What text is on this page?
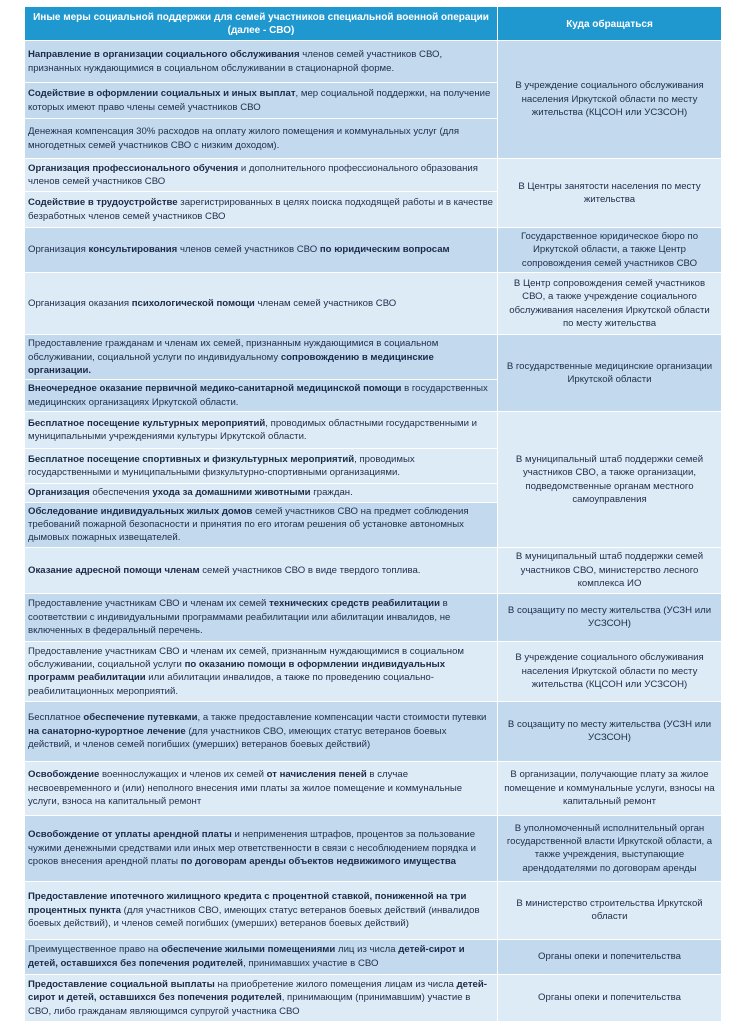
Иные меры социальной поддержки для семей участников специальной военной операции (далее - СВО)	Куда обращаться
Направление в организации социального обслуживания членов семей участников СВО, признанных нуждающимися в социальном обслуживании в стационарной форме.	В учреждение социального обслуживания населения Иркутской области по месту жительства (КЦСОН или УСЗСОН)
Содействие в оформлении социальных и иных выплат, мер социальной поддержки, на получение которых имеют право члены семей участников СВО	
Денежная компенсация 30% расходов на оплату жилого помещения и коммунальных услуг (для многодетных семей участников СВО с низким доходом).	
Организация профессионального обучения и дополнительного профессионального образования членов семей участников СВО	В Центры занятости населения по месту жительства
Содействие в трудоустройстве зарегистрированных в целях поиска подходящей работы и в качестве безработных членов семей участников СВО	
Организация консультирования членов семей участников СВО по юридическим вопросам	Государственное юридическое бюро по Иркутской области, а также Центр сопровождения семей участников СВО
Организация оказания психологической помощи членам семей участников СВО	В Центр сопровождения семей участников СВО, а также учреждение социального обслуживания населения Иркутской области по месту жительства
Предоставление гражданам и членам их семей, признанным нуждающимися в социальном обслуживании, социальной услуги по индивидуальному сопровождению в медицинские организации.	В государственные медицинские организации Иркутской области
Внеочередное оказание первичной медико-санитарной медицинской помощи в государственных медицинских организациях Иркутской области.	
Бесплатное посещение культурных мероприятий, проводимых областными государственными и муниципальными учреждениями культуры Иркутской области.	В муниципальный штаб поддержки семей участников СВО, а также организации, подведомственные органам местного самоуправления
Бесплатное посещение спортивных и физкультурных мероприятий, проводимых государственными и муниципальными физкультурно-спортивными организациями.	
Организация обеспечения ухода за домашними животными граждан.	
Обследование индивидуальных жилых домов семей участников СВО на предмет соблюдения требований пожарной безопасности и принятия по его итогам решения об установке автономных дымовых пожарных извещателей.	
Оказание адресной помощи членам семей участников СВО в виде твердого топлива.	В муниципальный штаб поддержки семей участников СВО, министерство лесного комплекса ИО
Предоставление участникам СВО и членам их семей технических средств реабилитации в соответствии с индивидуальными программами реабилитации или абилитации инвалидов, не включенных в федеральный перечень.	В соцзащиту по месту жительства (УСЗН или УСЗСОН)
Предоставление участникам СВО и членам их семей, признанным нуждающимися в социальном обслуживании, социальной услуги по оказанию помощи в оформлении индивидуальных программ реабилитации или абилитации инвалидов, а также по проведению социально-реабилитационных мероприятий.	В учреждение социального обслуживания населения Иркутской области по месту жительства (КЦСОН или УСЗСОН)
Бесплатное обеспечение путевками, а также предоставление компенсации части стоимости путевки на санаторно-курортное лечение (для участников СВО, имеющих статус ветеранов боевых действий, и членов семей погибших (умерших) ветеранов боевых действий)	В соцзащиту по месту жительства (УСЗН или УСЗСОН)
Освобождение военнослужащих и членов их семей от начисления пеней в случае несвоевременного и (или) неполного внесения ими платы за жилое помещение и коммунальные услуги, взноса на капитальный ремонт	В организации, получающие плату за жилое помещение и коммунальные услуги, взносы на капитальный ремонт
Освобождение от уплаты арендной платы и неприменения штрафов, процентов за пользование чужими денежными средствами или иных мер ответственности в связи с несоблюдением порядка и сроков внесения арендной платы по договорам аренды объектов недвижимого имущества	В уполномоченный исполнительный орган государственной власти Иркутской области, а также учреждения, выступающие арендодателями по договорам аренды
Предоставление ипотечного жилищного кредита с процентной ставкой, пониженной на три процентных пункта (для участников СВО, имеющих статус ветеранов боевых действий (инвалидов боевых действий), и членов семей погибших (умерших) ветеранов боевых действий)	В министерство строительства Иркутской области
Преимущественное право на обеспечение жилыми помещениями лиц из числа детей-сирот и детей, оставшихся без попечения родителей, принимавших участие в СВО	Органы опеки и попечительства
Предоставление социальной выплаты на приобретение жилого помещения лицам из числа детей-сирот и детей, оставшихся без попечения родителей, принимающим (принимавшим) участие в СВО, либо гражданам являющимся супругой участника СВО	Органы опеки и попечительства
